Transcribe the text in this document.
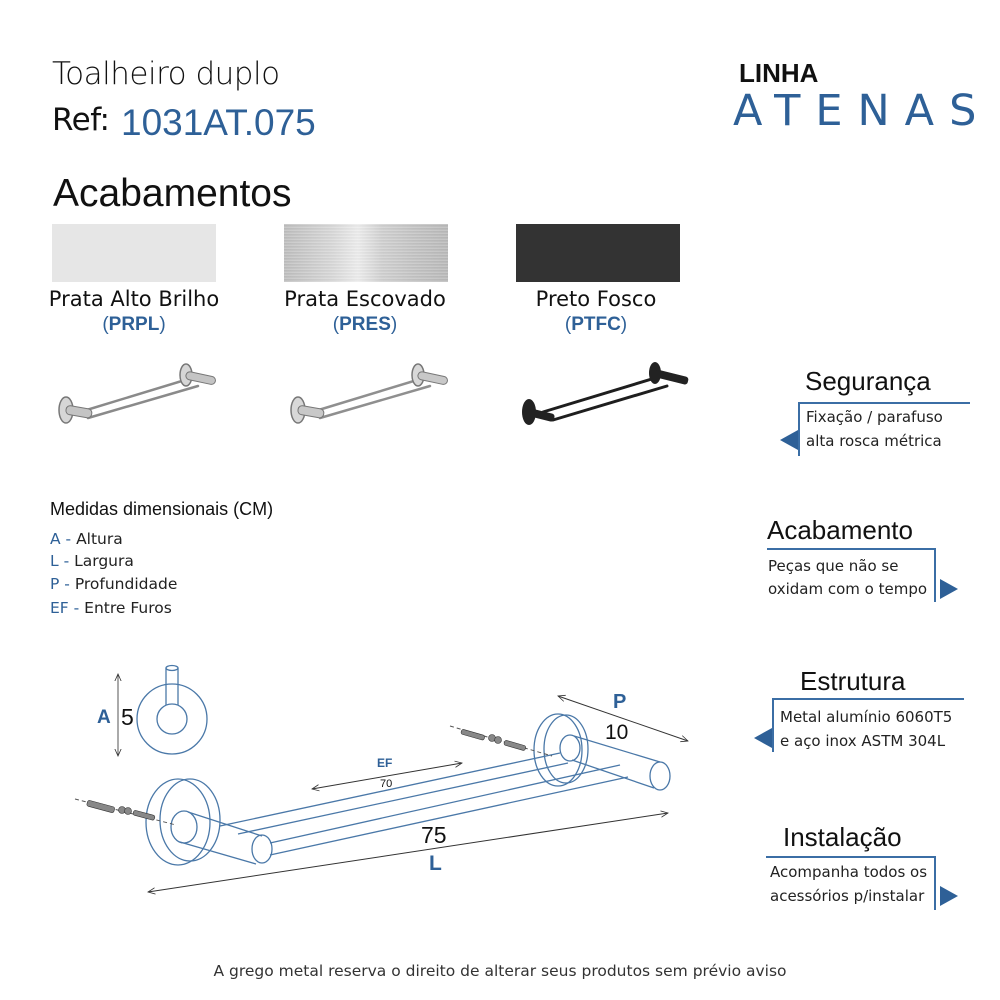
Toalheiro duplo
Ref: 1031AT.075
LINHA
ATENAS
Acabamentos
Prata Alto Brilho	Prata Escovado	Preto Fosco
(PRPL)	(PRES)	(PTFC)
Segurança
Fixação / parafuso
alta rosca métrica
Acabamento
Peças que não se
oxidam com o tempo
Estrutura
Metal alumínio 6060T5
e aço inox ASTM 304L
Instalação
Acompanha todos os
acessórios p/instalar
Medidas dimensionais (CM)
A - Altura
L - Largura
P - Profundidade
EF - Entre Furos
A 5
P
10
EF
70
75
L
A grego metal reserva o direito de alterar seus produtos sem prévio aviso
